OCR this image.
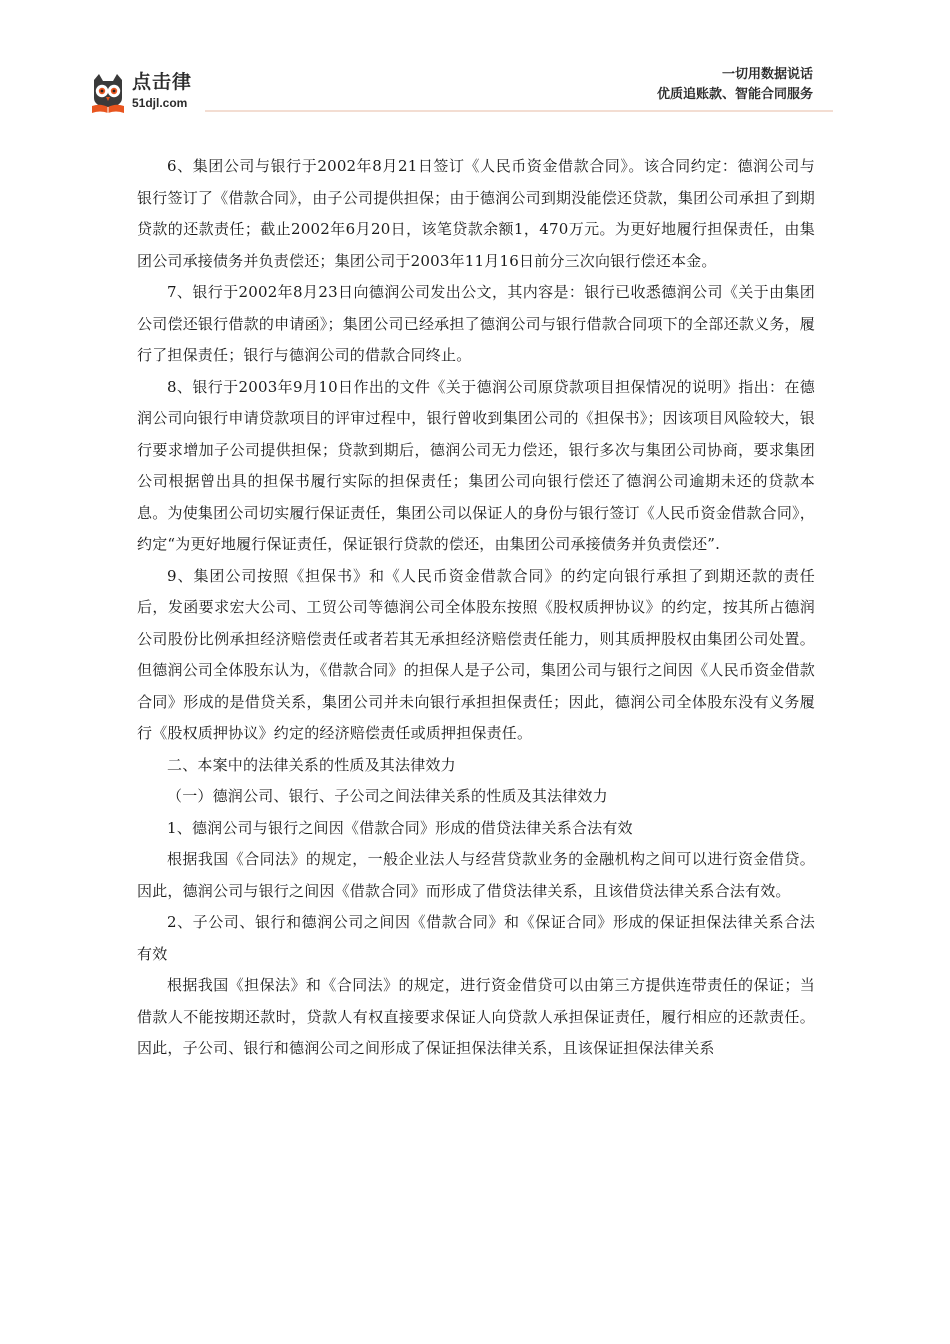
点击律
51djl.com
一切用数据说话
优质追账款、智能合同服务

6、集团公司与银行于2002年8月21日签订《人民币资金借款合同》。该合同约定：德润公司与银行签订了《借款合同》，由子公司提供担保；由于德润公司到期没能偿还贷款，集团公司承担了到期贷款的还款责任；截止2002年6月20日，该笔贷款余额1，470万元。为更好地履行担保责任，由集团公司承接债务并负责偿还；集团公司于2003年11月16日前分三次向银行偿还本金。

7、银行于2002年8月23日向德润公司发出公文，其内容是：银行已收悉德润公司《关于由集团公司偿还银行借款的申请函》；集团公司已经承担了德润公司与银行借款合同项下的全部还款义务，履行了担保责任；银行与德润公司的借款合同终止。

8、银行于2003年9月10日作出的文件《关于德润公司原贷款项目担保情况的说明》指出：在德润公司向银行申请贷款项目的评审过程中，银行曾收到集团公司的《担保书》；因该项目风险较大，银行要求增加子公司提供担保；贷款到期后，德润公司无力偿还，银行多次与集团公司协商，要求集团公司根据曾出具的担保书履行实际的担保责任；集团公司向银行偿还了德润公司逾期未还的贷款本息。为使集团公司切实履行保证责任，集团公司以保证人的身份与银行签订《人民币资金借款合同》，约定“为更好地履行保证责任，保证银行贷款的偿还，由集团公司承接债务并负责偿还”.

9、集团公司按照《担保书》和《人民币资金借款合同》的约定向银行承担了到期还款的责任后，发函要求宏大公司、工贸公司等德润公司全体股东按照《股权质押协议》的约定，按其所占德润公司股份比例承担经济赔偿责任或者若其无承担经济赔偿责任能力，则其质押股权由集团公司处置。但德润公司全体股东认为，《借款合同》的担保人是子公司，集团公司与银行之间因《人民币资金借款合同》形成的是借贷关系，集团公司并未向银行承担担保责任；因此，德润公司全体股东没有义务履行《股权质押协议》约定的经济赔偿责任或质押担保责任。

二、本案中的法律关系的性质及其法律效力

（一）德润公司、银行、子公司之间法律关系的性质及其法律效力

1、德润公司与银行之间因《借款合同》形成的借贷法律关系合法有效

根据我国《合同法》的规定，一般企业法人与经营贷款业务的金融机构之间可以进行资金借贷。因此，德润公司与银行之间因《借款合同》而形成了借贷法律关系，且该借贷法律关系合法有效。

2、子公司、银行和德润公司之间因《借款合同》和《保证合同》形成的保证担保法律关系合法有效

根据我国《担保法》和《合同法》的规定，进行资金借贷可以由第三方提供连带责任的保证；当借款人不能按期还款时，贷款人有权直接要求保证人向贷款人承担保证责任，履行相应的还款责任。因此，子公司、银行和德润公司之间形成了保证担保法律关系，且该保证担保法律关系
